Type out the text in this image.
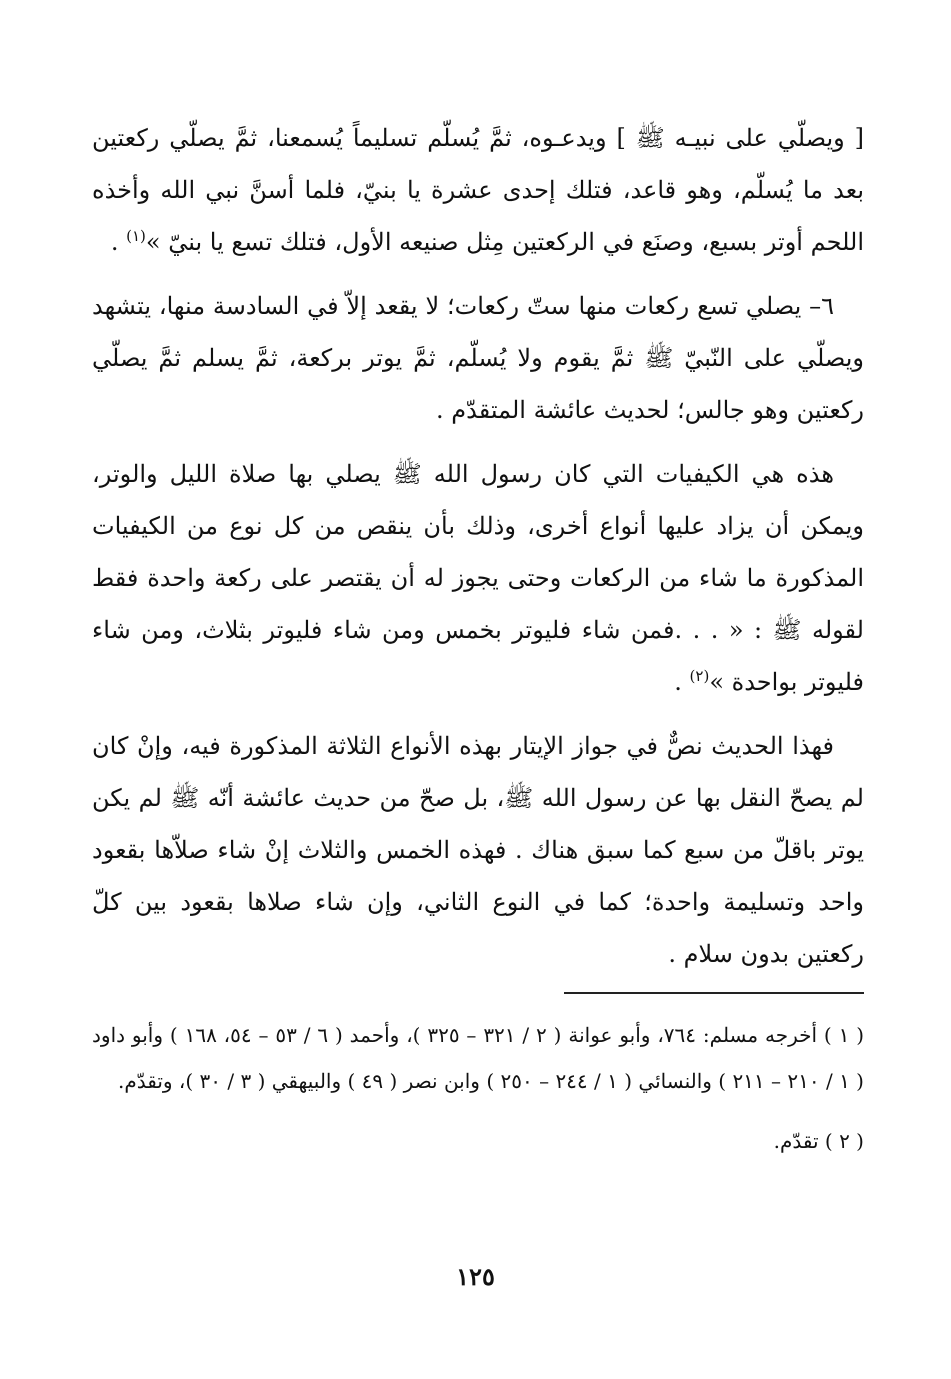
[ ويصلّي على نبيـه ﷺ ] ويدعـوه، ثمَّ يُسلّم تسليماً يُسمعنا، ثمَّ يصلّي ركعتين بعد ما يُسلّم، وهو قاعد، فتلك إحدى عشرة يا بنيّ، فلما أسنَّ نبي الله وأخذه اللحم أوتر بسبع، وصنَع في الركعتين مِثل صنيعه الأول، فتلك تسع يا بنيّ »$^{(١)}$ .

٦– يصلي تسع ركعات منها ستّ ركعات؛ لا يقعد إلاّ في السادسة منها، يتشهد ويصلّي على النّبيّ ﷺ ثمَّ يقوم ولا يُسلّم، ثمَّ يوتر بركعة، ثمَّ يسلم ثمَّ يصلّي ركعتين وهو جالس؛ لحديث عائشة المتقدّم .

هذه هي الكيفيات التي كان رسول الله ﷺ يصلي بها صلاة الليل والوتر، ويمكن أن يزاد عليها أنواع أخرى، وذلك بأن ينقص من كل نوع من الكيفيات المذكورة ما شاء من الركعات وحتى يجوز له أن يقتصر على ركعة واحدة فقط لقوله ﷺ : « . . .فمن شاء فليوتر بخمس ومن شاء فليوتر بثلاث، ومن شاء فليوتر بواحدة »$^{(٢)}$ .

فهذا الحديث نصٌّ في جواز الإيتار بهذه الأنواع الثلاثة المذكورة فيه، وإنْ كان لم يصحّ النقل بها عن رسول الله ﷺ، بل صحّ من حديث عائشة أنّه ﷺ لم يكن يوتر باقلّ من سبع كما سبق هناك . فهذه الخمس والثلاث إنْ شاء صلاّها بقعود واحد وتسليمة واحدة؛ كما في النوع الثاني، وإن شاء صلاها بقعود بين كلّ ركعتين بدون سلام .

( ١ ) أخرجه مسلم: ٧٦٤، وأبو عوانة ( ٢ / ٣٢١ – ٣٢٥ )، وأحمد ( ٦ / ٥٣ – ٥٤، ١٦٨ ) وأبو داود ( ١ / ٢١٠ – ٢١١ ) والنسائي ( ١ / ٢٤٤ – ٢٥٠ ) وابن نصر ( ٤٩ ) والبيهقي ( ٣ / ٣٠ )، وتقدّم.

( ٢ ) تقدّم.

١٢٥
